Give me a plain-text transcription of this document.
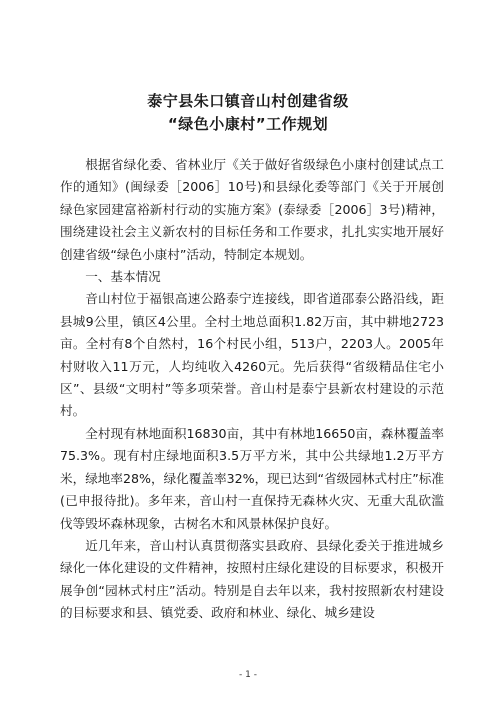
泰宁县朱口镇音山村创建省级
“绿色小康村”工作规划

根据省绿化委、省林业厅《关于做好省级绿色小康村创建试点工作的通知》(闽绿委［2006］10号)和县绿化委等部门《关于开展创绿色家园建富裕新村行动的实施方案》(泰绿委［2006］3号)精神，围绕建设社会主义新农村的目标任务和工作要求，扎扎实实地开展好创建省级“绿色小康村”活动，特制定本规划。

一、基本情况

音山村位于福银高速公路泰宁连接线，即省道邵泰公路沿线，距县城9公里，镇区4公里。全村土地总面积1.82万亩，其中耕地2723亩。全村有8个自然村，16个村民小组，513户，2203人。2005年村财收入11万元，人均纯收入4260元。先后获得“省级精品住宅小区”、县级“文明村”等多项荣誉。音山村是泰宁县新农村建设的示范村。

全村现有林地面积16830亩，其中有林地16650亩，森林覆盖率75.3%。现有村庄绿地面积3.5万平方米，其中公共绿地1.2万平方米，绿地率28%，绿化覆盖率32%，现已达到“省级园林式村庄”标准(已申报待批)。多年来，音山村一直保持无森林火灾、无重大乱砍滥伐等毁坏森林现象，古树名木和风景林保护良好。

近几年来，音山村认真贯彻落实县政府、县绿化委关于推进城乡绿化一体化建设的文件精神，按照村庄绿化建设的目标要求，积极开展争创“园林式村庄”活动。特别是自去年以来，我村按照新农村建设的目标要求和县、镇党委、政府和林业、绿化、城乡建设

- 1 -
